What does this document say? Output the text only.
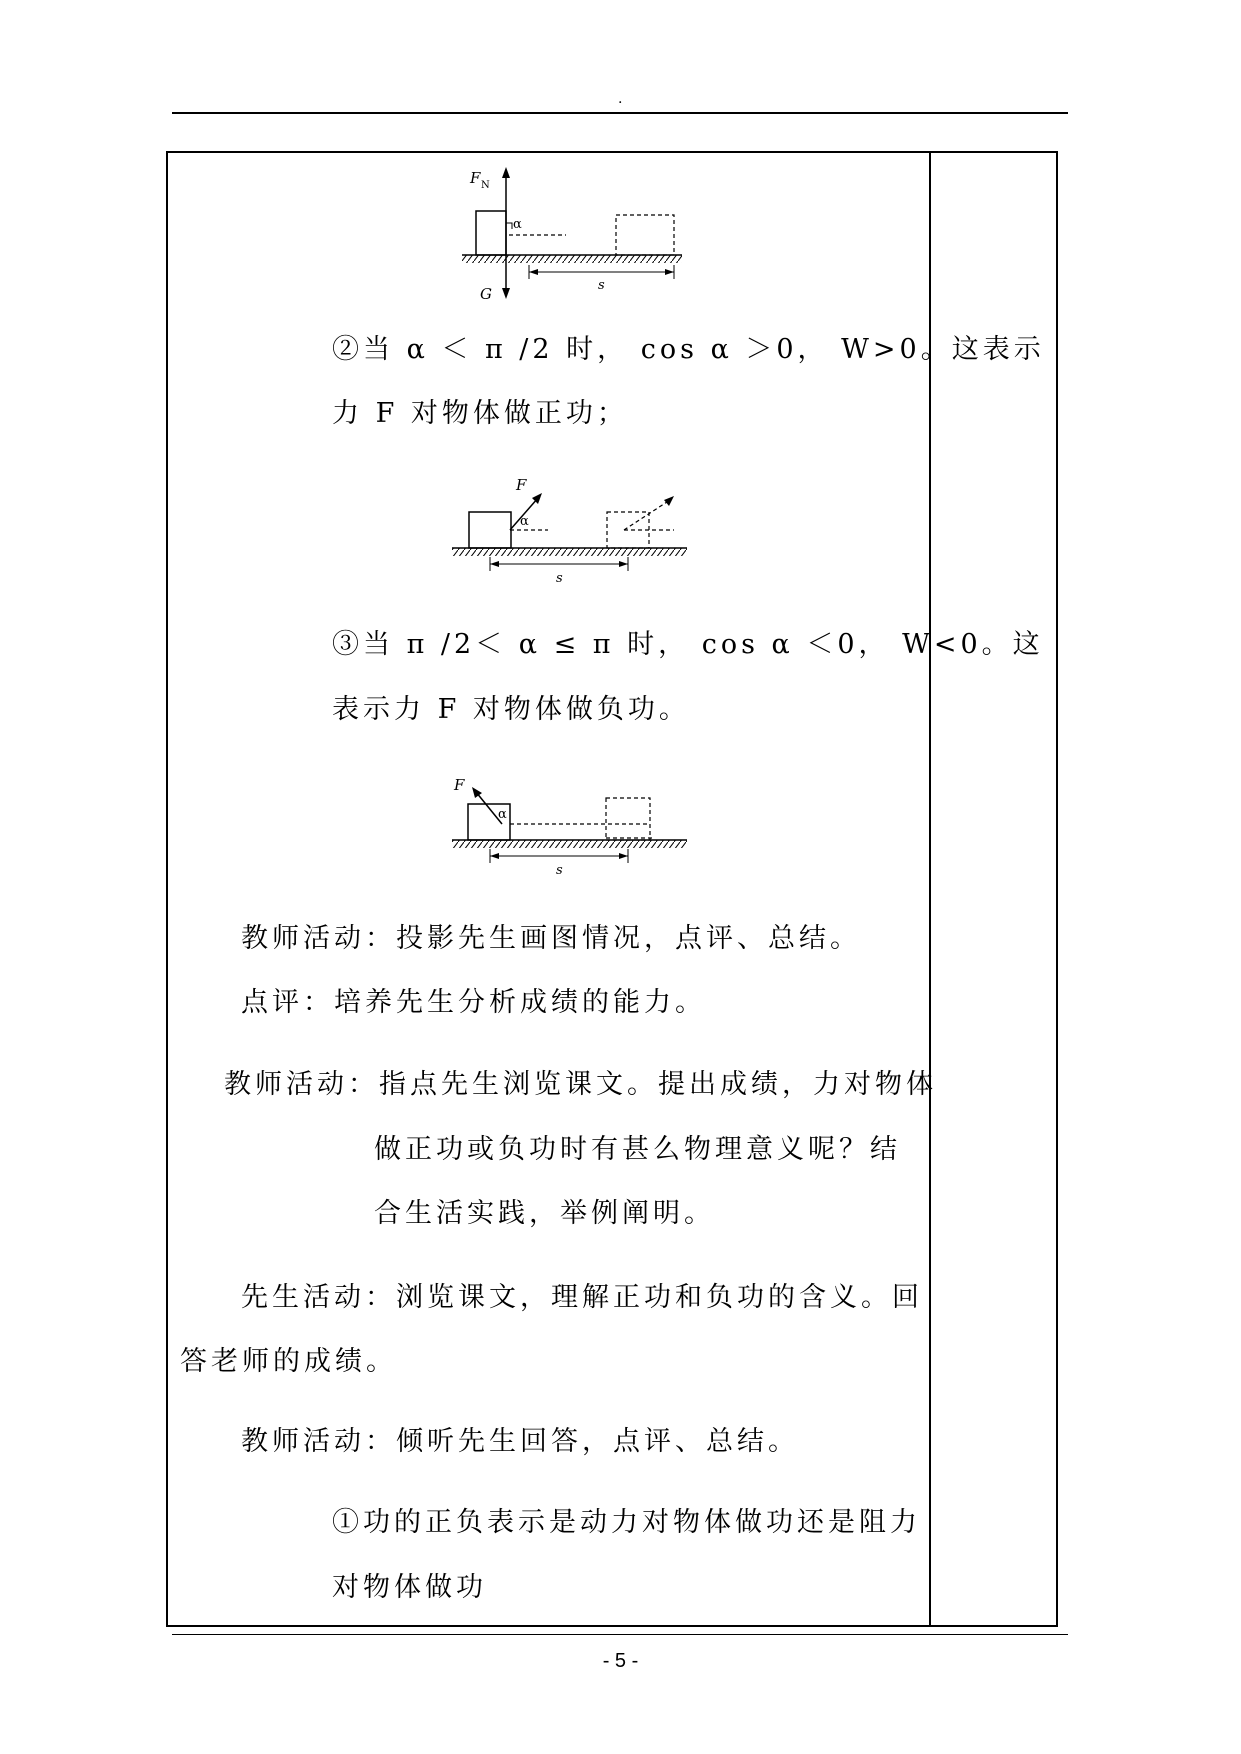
.
- 5 -
F N
α
G	s
②当 α ＜ π /2 时， cos α ＞0， W>0。这表示
力 F 对物体做正功；
F
α
s
③当 π /2＜ α ≤ π 时， cos α ＜0， W<0。这
表示力 F 对物体做负功。
F
α
s
教师活动：投影先生画图情况，点评、总结。
点评：培养先生分析成绩的能力。
教师活动：指点先生浏览课文。提出成绩，力对物体
做正功或负功时有甚么物理意义呢？结
合生活实践，举例阐明。
先生活动：浏览课文，理解正功和负功的含义。回
答老师的成绩。
教师活动：倾听先生回答，点评、总结。
①功的正负表示是动力对物体做功还是阻力
对物体做功
